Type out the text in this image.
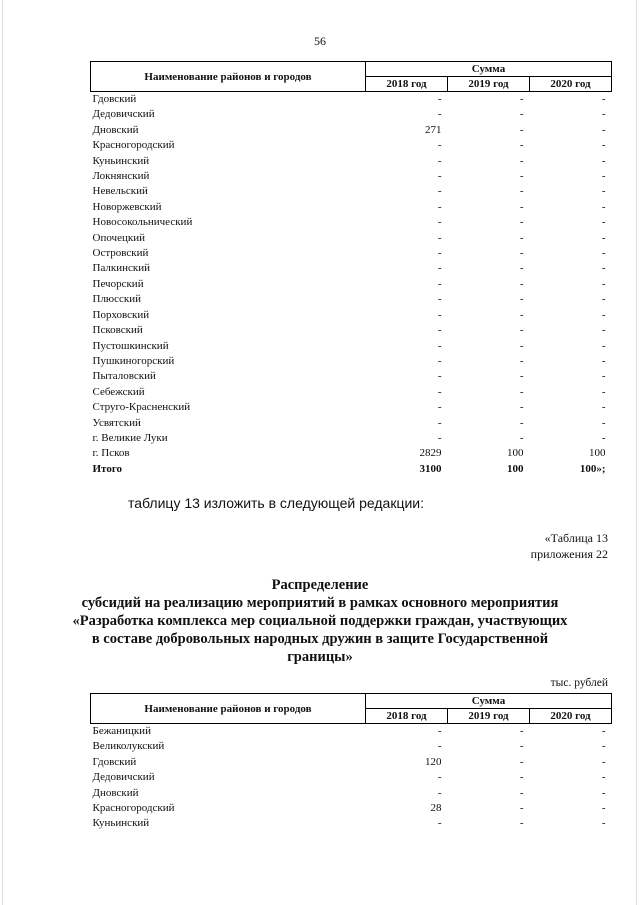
56
Наименование районов и городов	Сумма		
	2018 год	2019 год	2020 год
Гдовский	-	-	-
Дедовичский	-	-	-
Дновский	271	-	-
Красногородский	-	-	-
Куньинский	-	-	-
Локнянский	-	-	-
Невельский	-	-	-
Новоржевский	-	-	-
Новосокольнический	-	-	-
Опочецкий	-	-	-
Островский	-	-	-
Палкинский	-	-	-
Печорский	-	-	-
Плюсский	-	-	-
Порховский	-	-	-
Псковский	-	-	-
Пустошкинский	-	-	-
Пушкиногорский	-	-	-
Пыталовский	-	-	-
Себежский	-	-	-
Струго-Красненский	-	-	-
Усвятский	-	-	-
г. Великие Луки	-	-	-
г. Псков	2829	100	100
Итого	3100	100	100»;
таблицу 13 изложить в следующей редакции:
«Таблица 13
приложения 22
Распределение
субсидий на реализацию мероприятий в рамках основного мероприятия
«Разработка комплекса мер социальной поддержки граждан, участвующих
в составе добровольных народных дружин в защите Государственной
границы»
тыс. рублей
Наименование районов и городов	Сумма		
	2018 год	2019 год	2020 год
Бежаницкий	-	-	-
Великолукский	-	-	-
Гдовский	120	-	-
Дедовичский	-	-	-
Дновский	-	-	-
Красногородский	28	-	-
Куньинский	-	-	-
